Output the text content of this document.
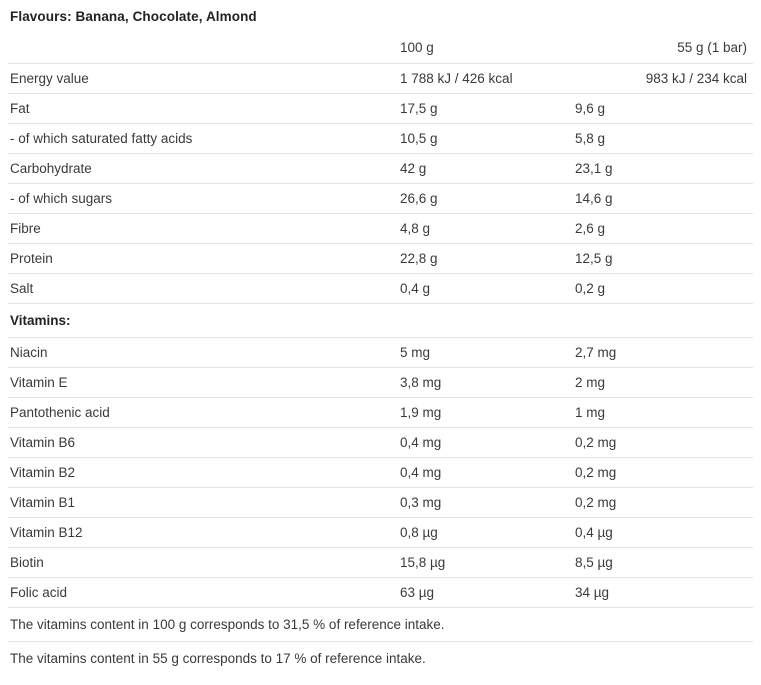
Flavours: Banana, Chocolate, Almond
	100 g	55 g (1 bar)
Energy value	1 788 kJ / 426 kcal	983 kJ / 234 kcal
Fat	17,5 g	9,6 g
- of which saturated fatty acids	10,5 g	5,8 g
Carbohydrate	42 g	23,1 g
- of which sugars	26,6 g	14,6 g
Fibre	4,8 g	2,6 g
Protein	22,8 g	12,5 g
Salt	0,4 g	0,2 g
Vitamins:		
Niacin	5 mg	2,7 mg
Vitamin E	3,8 mg	2 mg
Pantothenic acid	1,9 mg	1 mg
Vitamin B6	0,4 mg	0,2 mg
Vitamin B2	0,4 mg	0,2 mg
Vitamin B1	0,3 mg	0,2 mg
Vitamin B12	0,8 µg	0,4 µg
Biotin	15,8 µg	8,5 µg
Folic acid	63 µg	34 µg
The vitamins content in 100 g corresponds to 31,5 % of reference intake.
The vitamins content in 55 g corresponds to 17 % of reference intake.
